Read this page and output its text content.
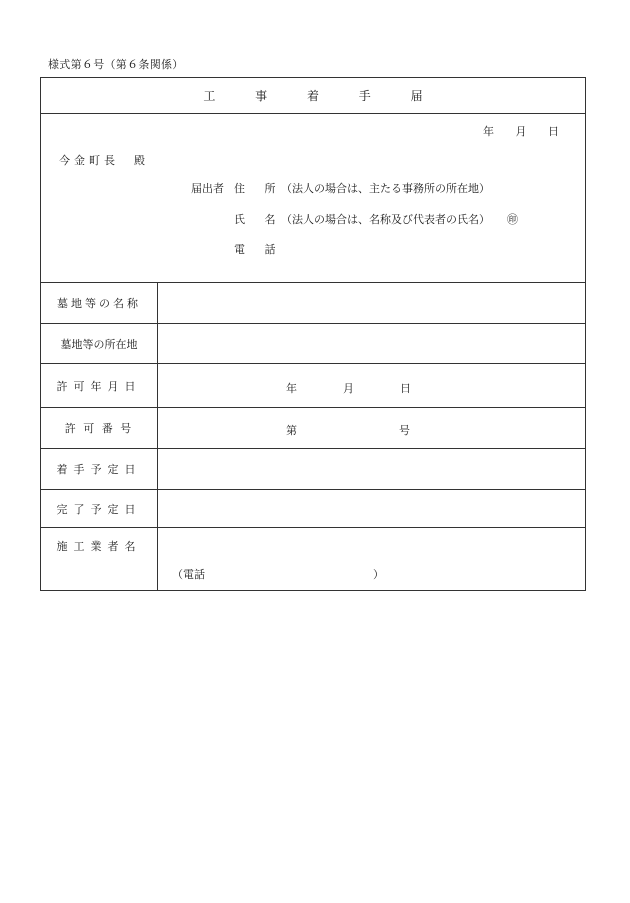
様式第６号（第６条関係）
工 事 着 手 届
年 月 日
今金町長　殿
届出者 住 所
（法人の場合は、主たる事務所の所在地）
氏 名
（法人の場合は、名称及び代表者の氏名） ㊞
電 話
墓地等の名称
墓地等の所在地
許可年月日	年	月	日
許 可 番 号	第	号
着手予定日
完了予定日
施工業者名
（電話	）
